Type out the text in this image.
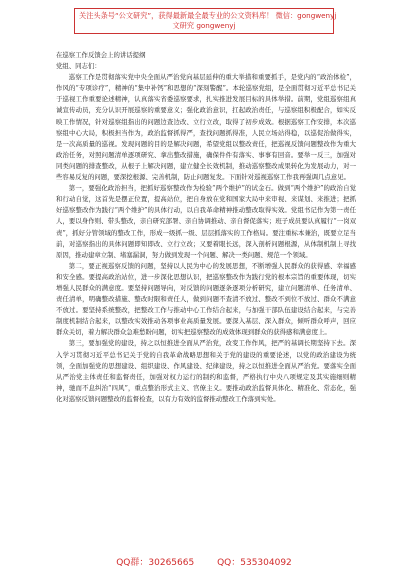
关注头条号“公文研究”，获得最新最全最专业的公文资料库！ 微信：gongwenyj
文研究 gongwenyj

在巡察工作反馈会上的讲话提纲

党组、同志们：

巡察工作是贯彻落实党中央全面从严治党向基层延伸的重大举措和重要抓手，是党内的“政治体检”，作风的“专项诊疗”，精神的“集中补钙”和思想的“深刻警醒”。本轮巡察党组，是全面贯彻习近平总书记关于巡视工作重要论述精神，认真落实省委巡察要求，扎实推进发展目标的具体举措。前期，党组巡察组真诚宣传动员，充分认识开展巡察的重要意义；强化政治意识，扛起政治责任，与巡察组积极配合，如实反映工作情况，针对巡察组指出的问题边查边改、立行立改，取得了初步成效。根据巡察工作安排，本次巡察组中心大局，积极担当作为，政治监督抓得严，查找问题抓得准，人民立场站得稳，以巡促治做得实，是一次高质量的巡视。发现问题的目的是解决问题，希望党组以整改责任，把巡视反馈问题整改作为重大政治任务，对照问题清单逐项研究、拿出整改措施，确保件件有落实、事事有回音。要举一反三，加强对同类问题的排查整改，从根子上解决问题，建立健全长效机制，推动巡察整改成果转化为发展动力，对一些容易反复的问题，要深挖根源、完善机制，防止问题复发。下面针对巡视巡察工作我再强调几点意见。

第一，要强化政治担当，把抓好巡察整改作为检验“两个维护”的试金石。做到“两个维护”的政治自觉和行动自觉，这首先是摆正位置，提高站位，把自身放在党和国家大局中来审视、来谋划、来推进；把抓好巡察整改作为践行“两个维护”的具体行动，以自我革命精神推动整改取得实效。党组书记作为第一责任人，要以身作则、带头整改，亲自研究部署、亲自协调推动、亲自督促落实；班子成员要认真履行“一岗双责”，抓好分管领域的整改工作，形成一级抓一级、层层抓落实的工作格局。要注重标本兼治，既要立足当前，对巡察指出的具体问题即知即改、立行立改；又要着眼长远，深入剖析问题根源，从体制机制上寻找原因，推动建章立制、堵塞漏洞，努力做到发现一个问题、解决一类问题、规范一个领域。

第二，要正视巡察反馈的问题，坚持以人民为中心的发展思想，不断增强人民群众的获得感、幸福感和安全感。要提高政治站位，进一步深化思想认识，把巡察整改作为践行党的根本宗旨的重要体现，切实增强人民群众的满意度。要坚持问题导向，对反馈的问题逐条逐项分析研究，建立问题清单、任务清单、责任清单，明确整改措施、整改时限和责任人，做到问题不查清不放过、整改不到位不放过、群众不满意不放过。要坚持系统整改，把整改工作与推动中心工作结合起来，与加强干部队伍建设结合起来，与完善制度机制结合起来，以整改实效推动各项事业高质量发展。要深入基层、深入群众，倾听群众呼声，回应群众关切，着力解决群众急难愁盼问题，切实把巡察整改的成效体现到群众的获得感和满意度上。

第三，要加强党的建设，持之以恒推进全面从严治党，改变工作作风，把严的基调长期坚持下去。深入学习贯彻习近平总书记关于党的自我革命战略思想和关于党的建设的重要论述，以党的政治建设为统领，全面加强党的思想建设、组织建设、作风建设、纪律建设，持之以恒推进全面从严治党。要落实全面从严治党主体责任和监督责任，加强对权力运行的制约和监督，严格执行中央八项规定及其实施细则精神，驰而不息纠治“四风”，重点整治形式主义、官僚主义。要推动政治监督具体化、精准化、常态化，强化对巡察反馈问题整改的监督检查，以有力有效的监督推动整改工作落到实处。

QQ群：30265665	QQ：535304092
